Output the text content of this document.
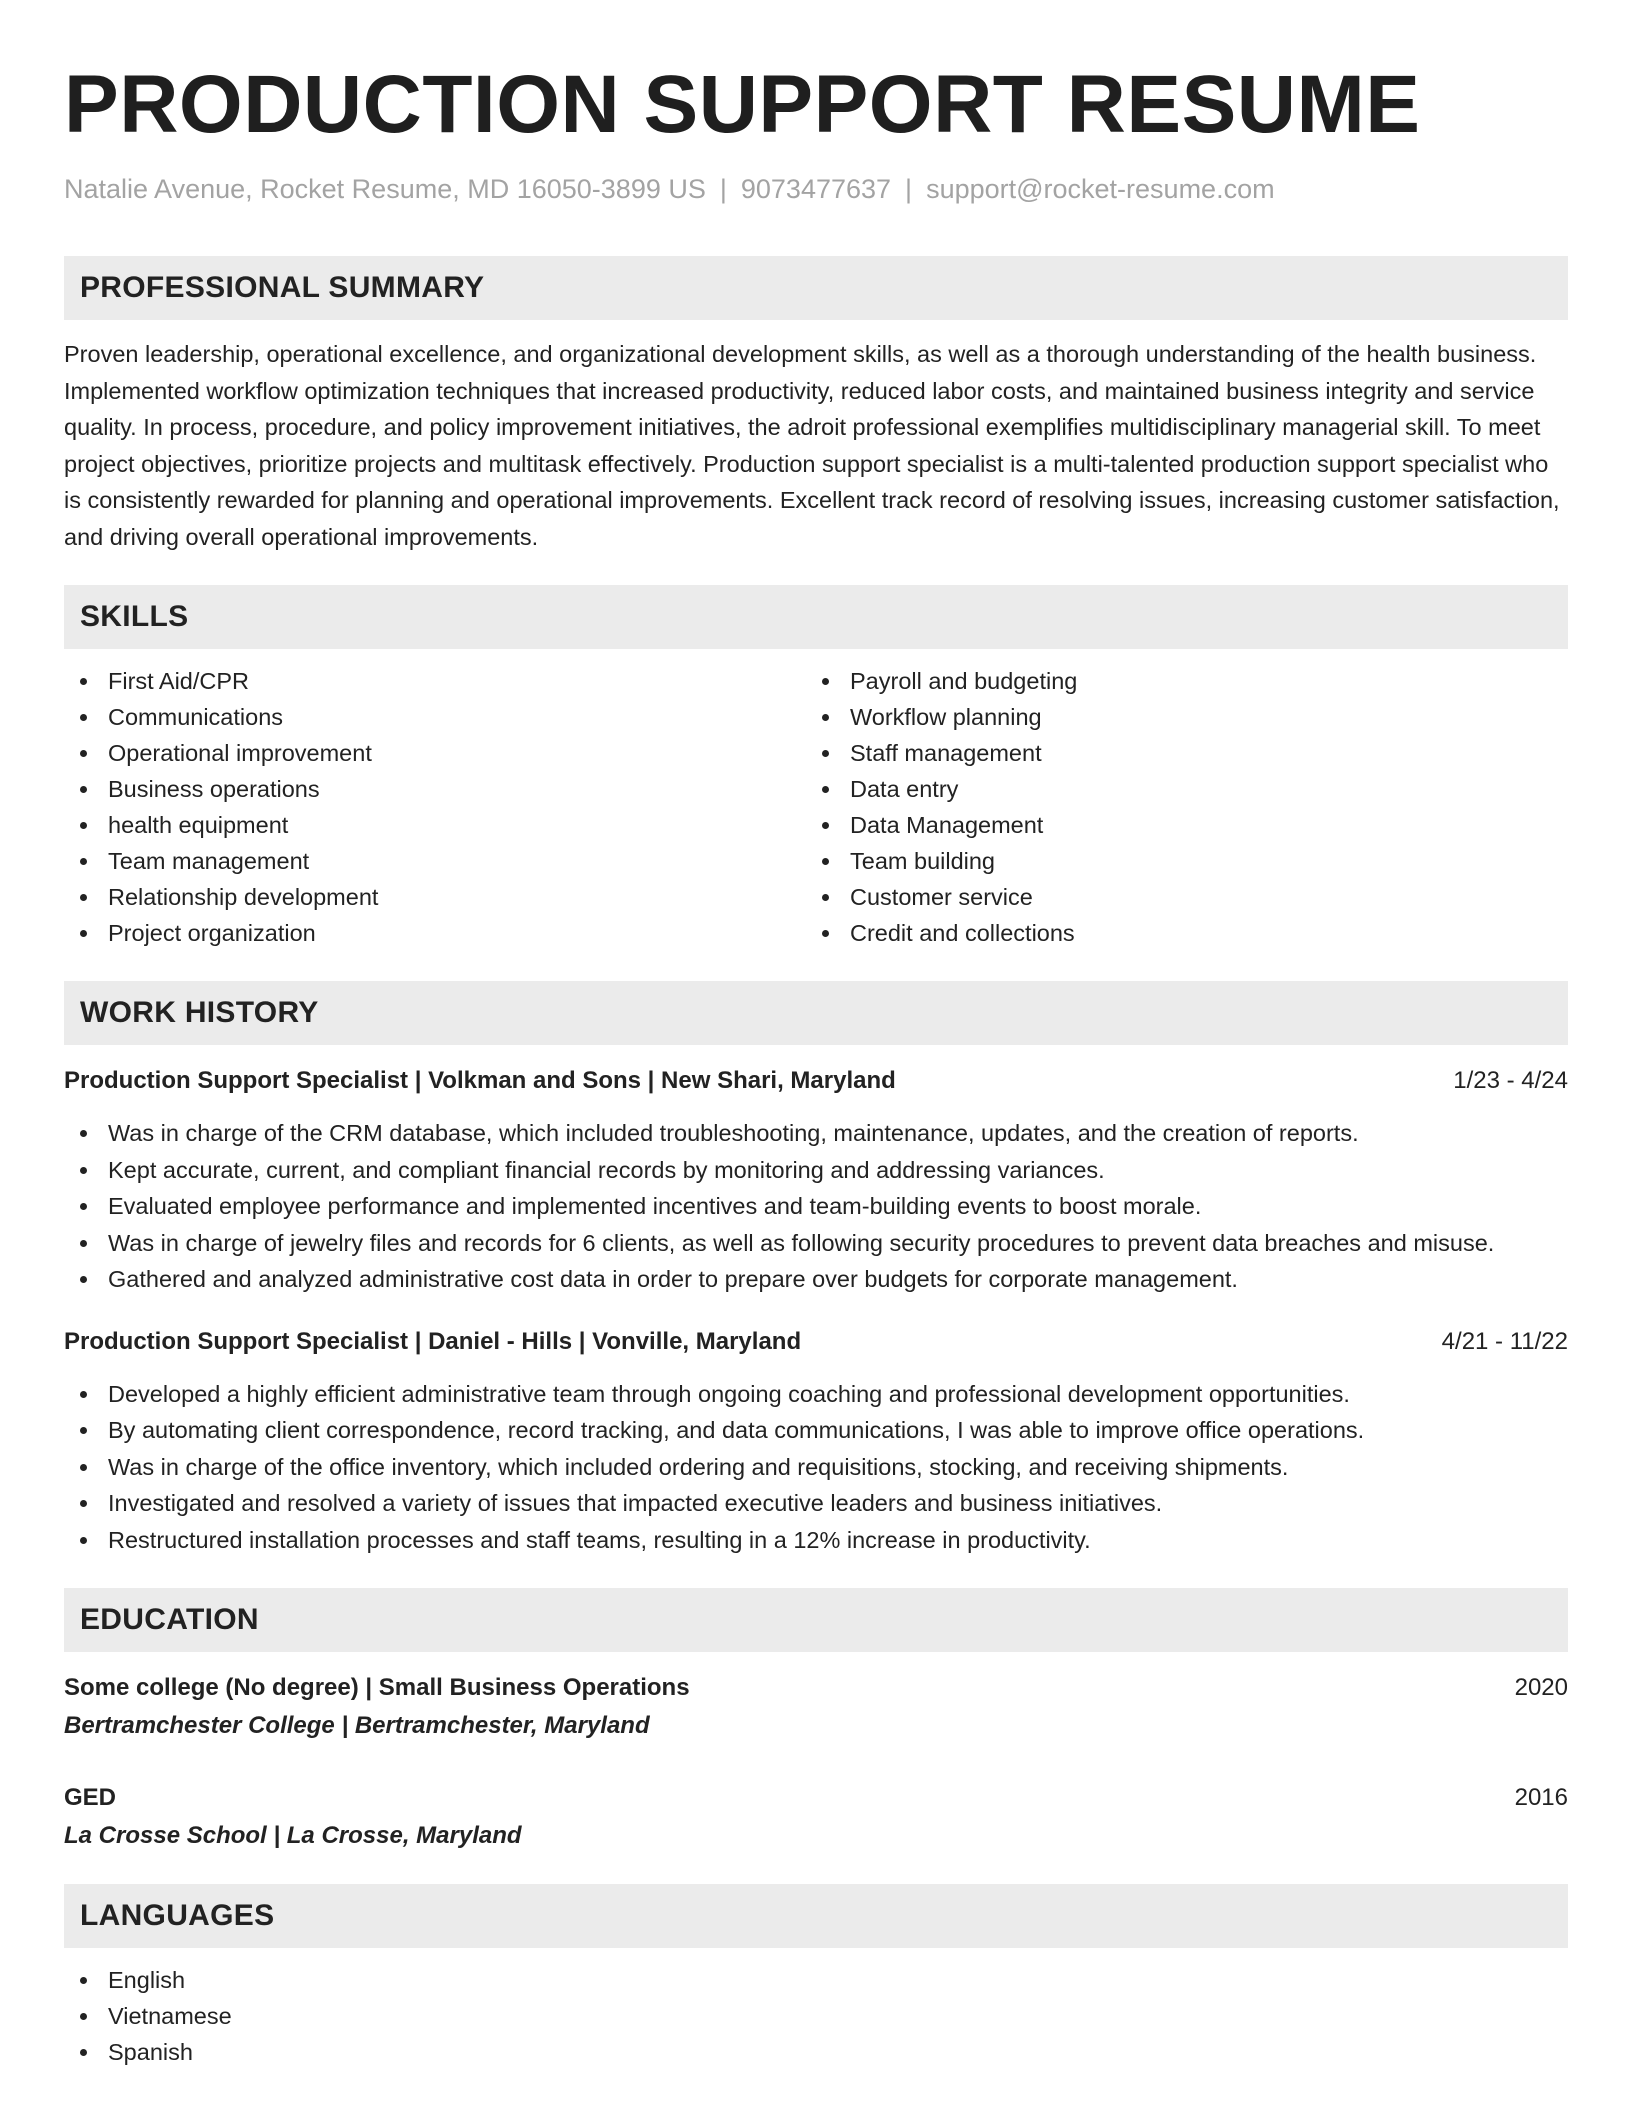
PRODUCTION SUPPORT RESUME
Natalie Avenue, Rocket Resume, MD 16050-3899 US | 9073477637 | support@rocket-resume.com
PROFESSIONAL SUMMARY
Proven leadership, operational excellence, and organizational development skills, as well as a thorough understanding of the health business. Implemented workflow optimization techniques that increased productivity, reduced labor costs, and maintained business integrity and service quality. In process, procedure, and policy improvement initiatives, the adroit professional exemplifies multidisciplinary managerial skill. To meet project objectives, prioritize projects and multitask effectively. Production support specialist is a multi-talented production support specialist who is consistently rewarded for planning and operational improvements. Excellent track record of resolving issues, increasing customer satisfaction, and driving overall operational improvements.
SKILLS
First Aid/CPR
Communications
Operational improvement
Business operations
health equipment
Team management
Relationship development
Project organization
Payroll and budgeting
Workflow planning
Staff management
Data entry
Data Management
Team building
Customer service
Credit and collections
WORK HISTORY
Production Support Specialist | Volkman and Sons | New Shari, Maryland	1/23 - 4/24
Was in charge of the CRM database, which included troubleshooting, maintenance, updates, and the creation of reports.
Kept accurate, current, and compliant financial records by monitoring and addressing variances.
Evaluated employee performance and implemented incentives and team-building events to boost morale.
Was in charge of jewelry files and records for 6 clients, as well as following security procedures to prevent data breaches and misuse.
Gathered and analyzed administrative cost data in order to prepare over budgets for corporate management.
Production Support Specialist | Daniel - Hills | Vonville, Maryland	4/21 - 11/22
Developed a highly efficient administrative team through ongoing coaching and professional development opportunities.
By automating client correspondence, record tracking, and data communications, I was able to improve office operations.
Was in charge of the office inventory, which included ordering and requisitions, stocking, and receiving shipments.
Investigated and resolved a variety of issues that impacted executive leaders and business initiatives.
Restructured installation processes and staff teams, resulting in a 12% increase in productivity.
EDUCATION
Some college (No degree) | Small Business Operations	2020
Bertramchester College | Bertramchester, Maryland
GED	2016
La Crosse School | La Crosse, Maryland
LANGUAGES
English
Vietnamese
Spanish
